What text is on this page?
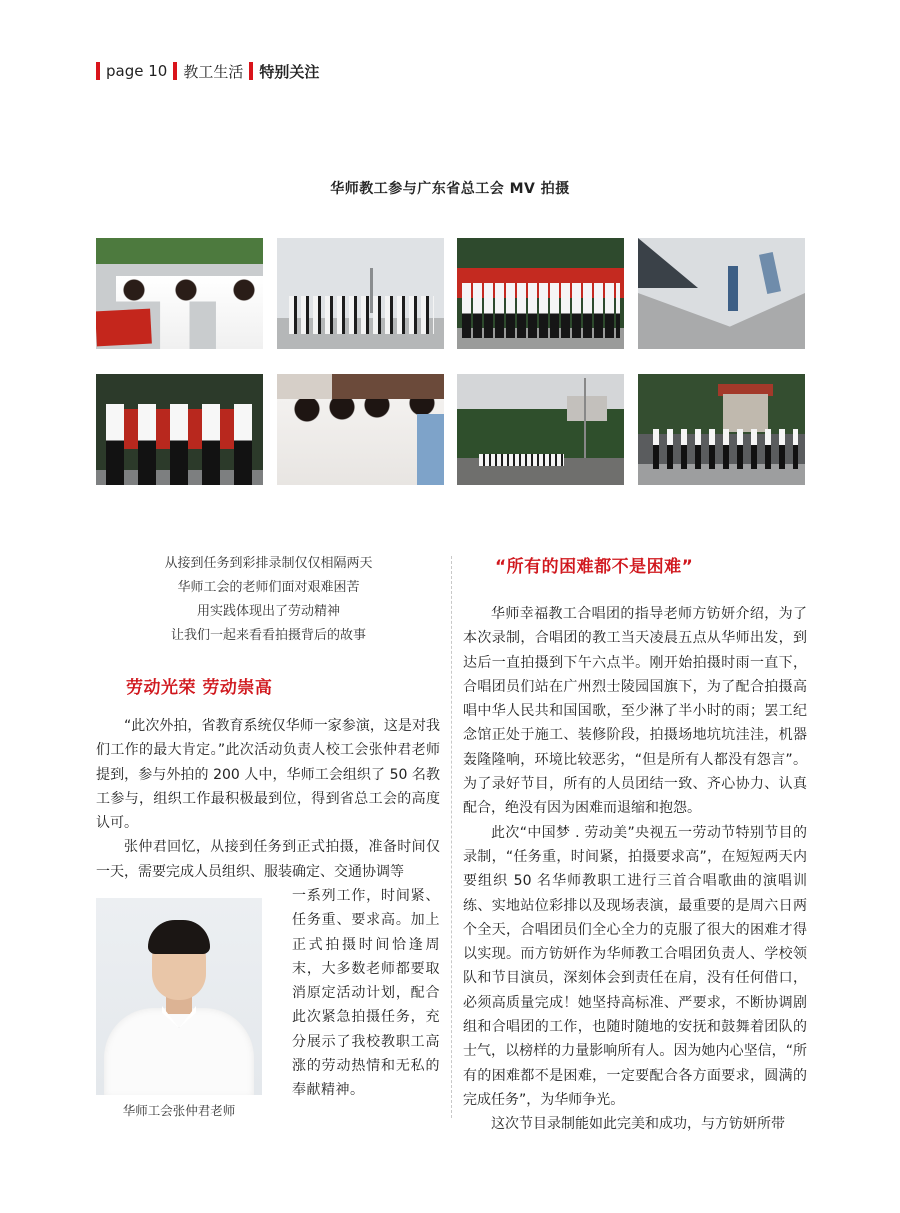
page 10 教工生活 特别关注
华师教工参与广东省总工会 MV 拍摄

从接到任务到彩排录制仅仅相隔两天

华师工会的老师们面对艰难困苦

用实践体现出了劳动精神

让我们一起来看看拍摄背后的故事

劳动光荣 劳动崇高

“此次外拍，省教育系统仅华师一家参演，这是对我们工作的最大肯定。”此次活动负责人校工会张仲君老师提到，参与外拍的 200 人中，华师工会组织了 50 名教工参与，组织工作最积极最到位，得到省总工会的高度认可。

张仲君回忆，从接到任务到正式拍摄，准备时间仅一天，需要完成人员组织、服装确定、交通协调等

华师工会张仲君老师

一系列工作，时间紧、任务重、要求高。加上正式拍摄时间恰逢周末，大多数老师都要取消原定活动计划，配合此次紧急拍摄任务，充分展示了我校教职工高涨的劳动热情和无私的奉献精神。

“所有的困难都不是困难”

华师幸福教工合唱团的指导老师方钫妍介绍，为了本次录制，合唱团的教工当天凌晨五点从华师出发，到达后一直拍摄到下午六点半。刚开始拍摄时雨一直下，合唱团员们站在广州烈士陵园国旗下，为了配合拍摄高唱中华人民共和国国歌，至少淋了半小时的雨；罢工纪念馆正处于施工、装修阶段，拍摄场地坑坑洼洼，机器轰隆隆响，环境比较恶劣，“但是所有人都没有怨言”。为了录好节目，所有的人员团结一致、齐心协力、认真配合，绝没有因为困难而退缩和抱怨。

此次“中国梦 . 劳动美”央视五一劳动节特别节目的录制，“任务重，时间紧，拍摄要求高”，在短短两天内要组织 50 名华师教职工进行三首合唱歌曲的演唱训练、实地站位彩排以及现场表演，最重要的是周六日两个全天，合唱团员们全心全力的克服了很大的困难才得以实现。而方钫妍作为华师教工合唱团负责人、学校领队和节目演员，深刻体会到责任在肩，没有任何借口，必须高质量完成！她坚持高标准、严要求，不断协调剧组和合唱团的工作，也随时随地的安抚和鼓舞着团队的士气，以榜样的力量影响所有人。因为她内心坚信，“所有的困难都不是困难，一定要配合各方面要求，圆满的完成任务”，为华师争光。

这次节目录制能如此完美和成功，与方钫妍所带
